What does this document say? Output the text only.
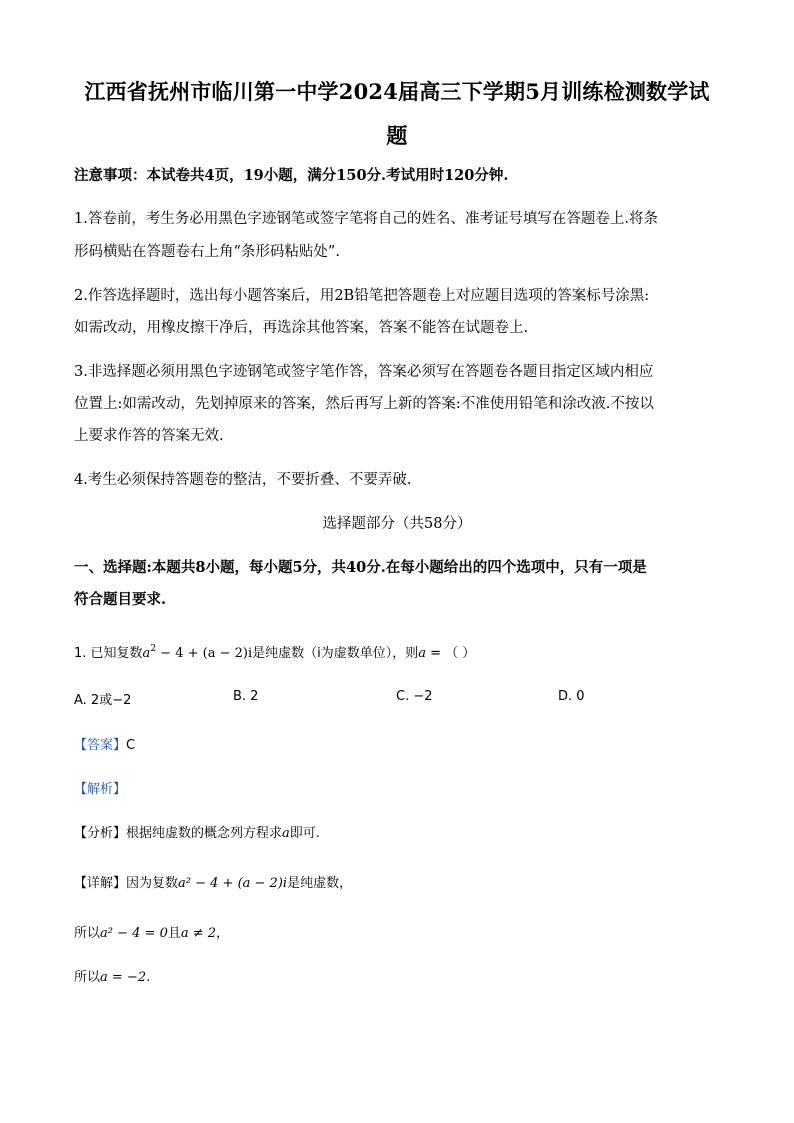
江西省抚州市临川第一中学2024届高三下学期5月训练检测数学试
题
注意事项：本试卷共4页，19小题，满分150分.考试用时120分钟.
1.答卷前，考生务必用黑色字迹钢笔或签字笔将自己的姓名、准考证号填写在答题卷上.将条
形码横贴在答题卷右上角“条形码粘贴处”.
2.作答选择题时，选出每小题答案后，用2B铅笔把答题卷上对应题目选项的答案标号涂黑:
如需改动，用橡皮擦干净后，再选涂其他答案，答案不能答在试题卷上.
3.非选择题必须用黑色字迹钢笔或签字笔作答，答案必须写在答题卷各题目指定区域内相应
位置上:如需改动，先划掉原来的答案，然后再写上新的答案:不准使用铅笔和涂改液.不按以
上要求作答的答案无效.
4.考生必须保持答题卷的整洁，不要折叠、不要弄破.
选择题部分（共58分）
一、选择题:本题共8小题，每小题5分，共40分.在每小题给出的四个选项中，只有一项是
符合题目要求.
1. 已知复数$a^2 - 4 + (a - 2)i$是纯虚数（i为虚数单位），则a = （ ）
A. 2或−2	B. 2	C. −2	D. 0
【答案】C
【解析】
【分析】根据纯虚数的概念列方程求a即可.
【详解】因为复数a² − 4 + (a − 2)i是纯虚数，
所以a² − 4 = 0且a ≠ 2，
所以a = −2.
